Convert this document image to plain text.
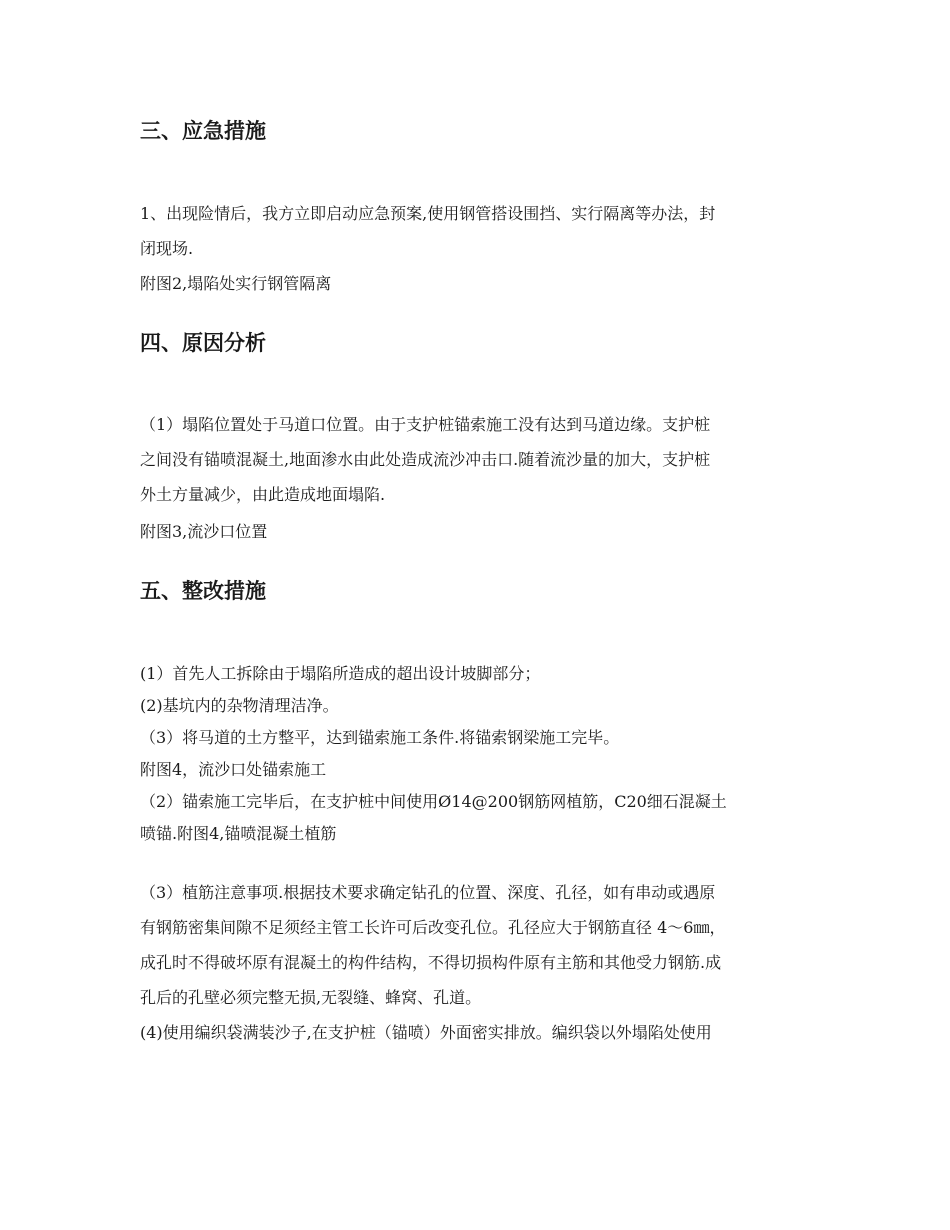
三、应急措施

1、出现险情后，我方立即启动应急预案,使用钢管搭设围挡、实行隔离等办法，封
闭现场.

附图2,塌陷处实行钢管隔离

四、原因分析

（1）塌陷位置处于马道口位置。由于支护桩锚索施工没有达到马道边缘。支护桩
之间没有锚喷混凝土,地面渗水由此处造成流沙冲击口.随着流沙量的加大，支护桩
外土方量减少，由此造成地面塌陷.

附图3,流沙口位置

五、整改措施

(1）首先人工拆除由于塌陷所造成的超出设计坡脚部分；
(2)基坑内的杂物清理洁净。
（3）将马道的土方整平，达到锚索施工条件.将锚索钢梁施工完毕。
附图4，流沙口处锚索施工
（2）锚索施工完毕后，在支护桩中间使用Ø14@200钢筋网植筋，C20细石混凝土
喷锚.附图4,锚喷混凝土植筋

（3）植筋注意事项.根据技术要求确定钻孔的位置、深度、孔径，如有串动或遇原
有钢筋密集间隙不足须经主管工长许可后改变孔位。孔径应大于钢筋直径 4～6㎜，
成孔时不得破坏原有混凝土的构件结构，不得切损构件原有主筋和其他受力钢筋.成
孔后的孔壁必须完整无损,无裂缝、蜂窝、孔道。
(4)使用编织袋满装沙子,在支护桩（锚喷）外面密实排放。编织袋以外塌陷处使用
